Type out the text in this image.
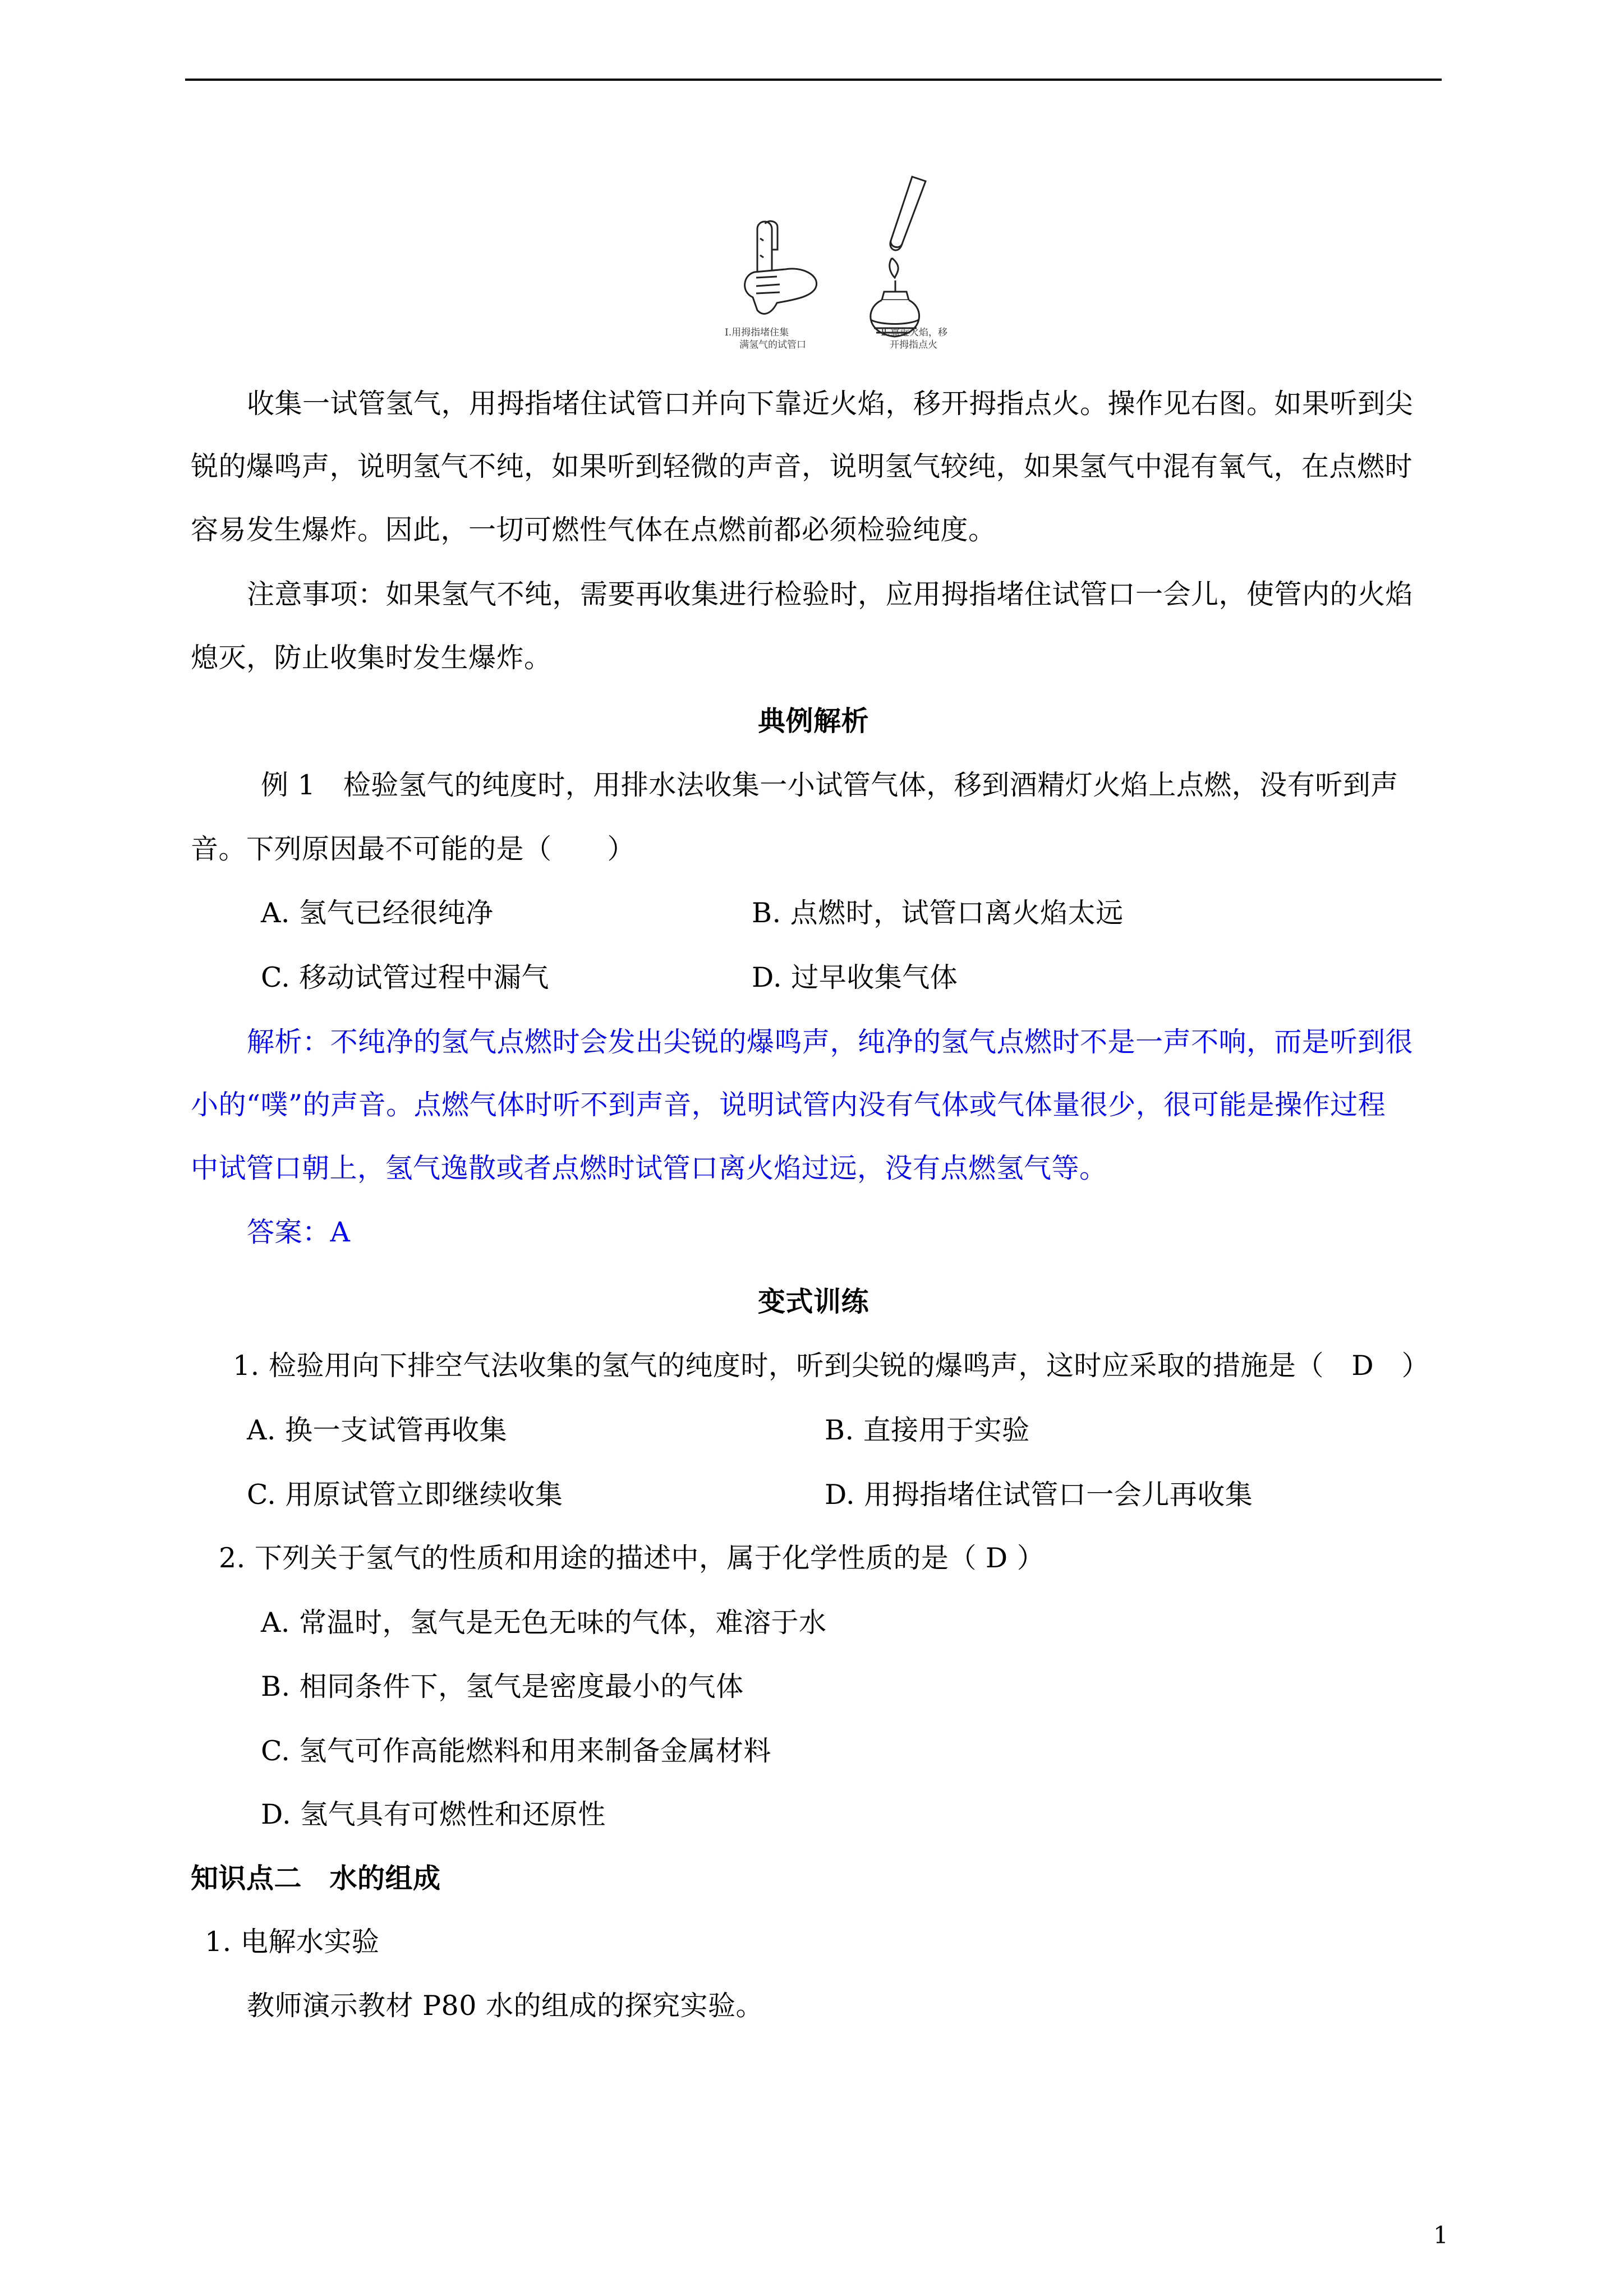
Ⅰ.用拇指堵住集
满氢气的试管口
Ⅱ.靠近火焰，移
开拇指点火
收集一试管氢气，用拇指堵住试管口并向下靠近火焰，移开拇指点火。操作见右图。如果听到尖
锐的爆鸣声，说明氢气不纯，如果听到轻微的声音，说明氢气较纯，如果氢气中混有氧气，在点燃时
容易发生爆炸。因此，一切可燃性气体在点燃前都必须检验纯度。
注意事项：如果氢气不纯，需要再收集进行检验时，应用拇指堵住试管口一会儿，使管内的火焰
熄灭，防止收集时发生爆炸。
典例解析
例 1　检验氢气的纯度时，用排水法收集一小试管气体，移到酒精灯火焰上点燃，没有听到声
音。下列原因最不可能的是（　　）
A. 氢气已经很纯净	B. 点燃时，试管口离火焰太远
C. 移动试管过程中漏气	D. 过早收集气体
解析：不纯净的氢气点燃时会发出尖锐的爆鸣声，纯净的氢气点燃时不是一声不响，而是听到很
小的“噗”的声音。点燃气体时听不到声音，说明试管内没有气体或气体量很少，很可能是操作过程
中试管口朝上，氢气逸散或者点燃时试管口离火焰过远，没有点燃氢气等。
答案：A
变式训练
1. 检验用向下排空气法收集的氢气的纯度时，听到尖锐的爆鸣声，这时应采取的措施是（　D　）
A. 换一支试管再收集	B. 直接用于实验
C. 用原试管立即继续收集	D. 用拇指堵住试管口一会儿再收集
2. 下列关于氢气的性质和用途的描述中，属于化学性质的是（ D ）
A. 常温时，氢气是无色无味的气体，难溶于水
B. 相同条件下，氢气是密度最小的气体
C. 氢气可作高能燃料和用来制备金属材料
D. 氢气具有可燃性和还原性
知识点二　水的组成
1. 电解水实验
教师演示教材 P80 水的组成的探究实验。
1
